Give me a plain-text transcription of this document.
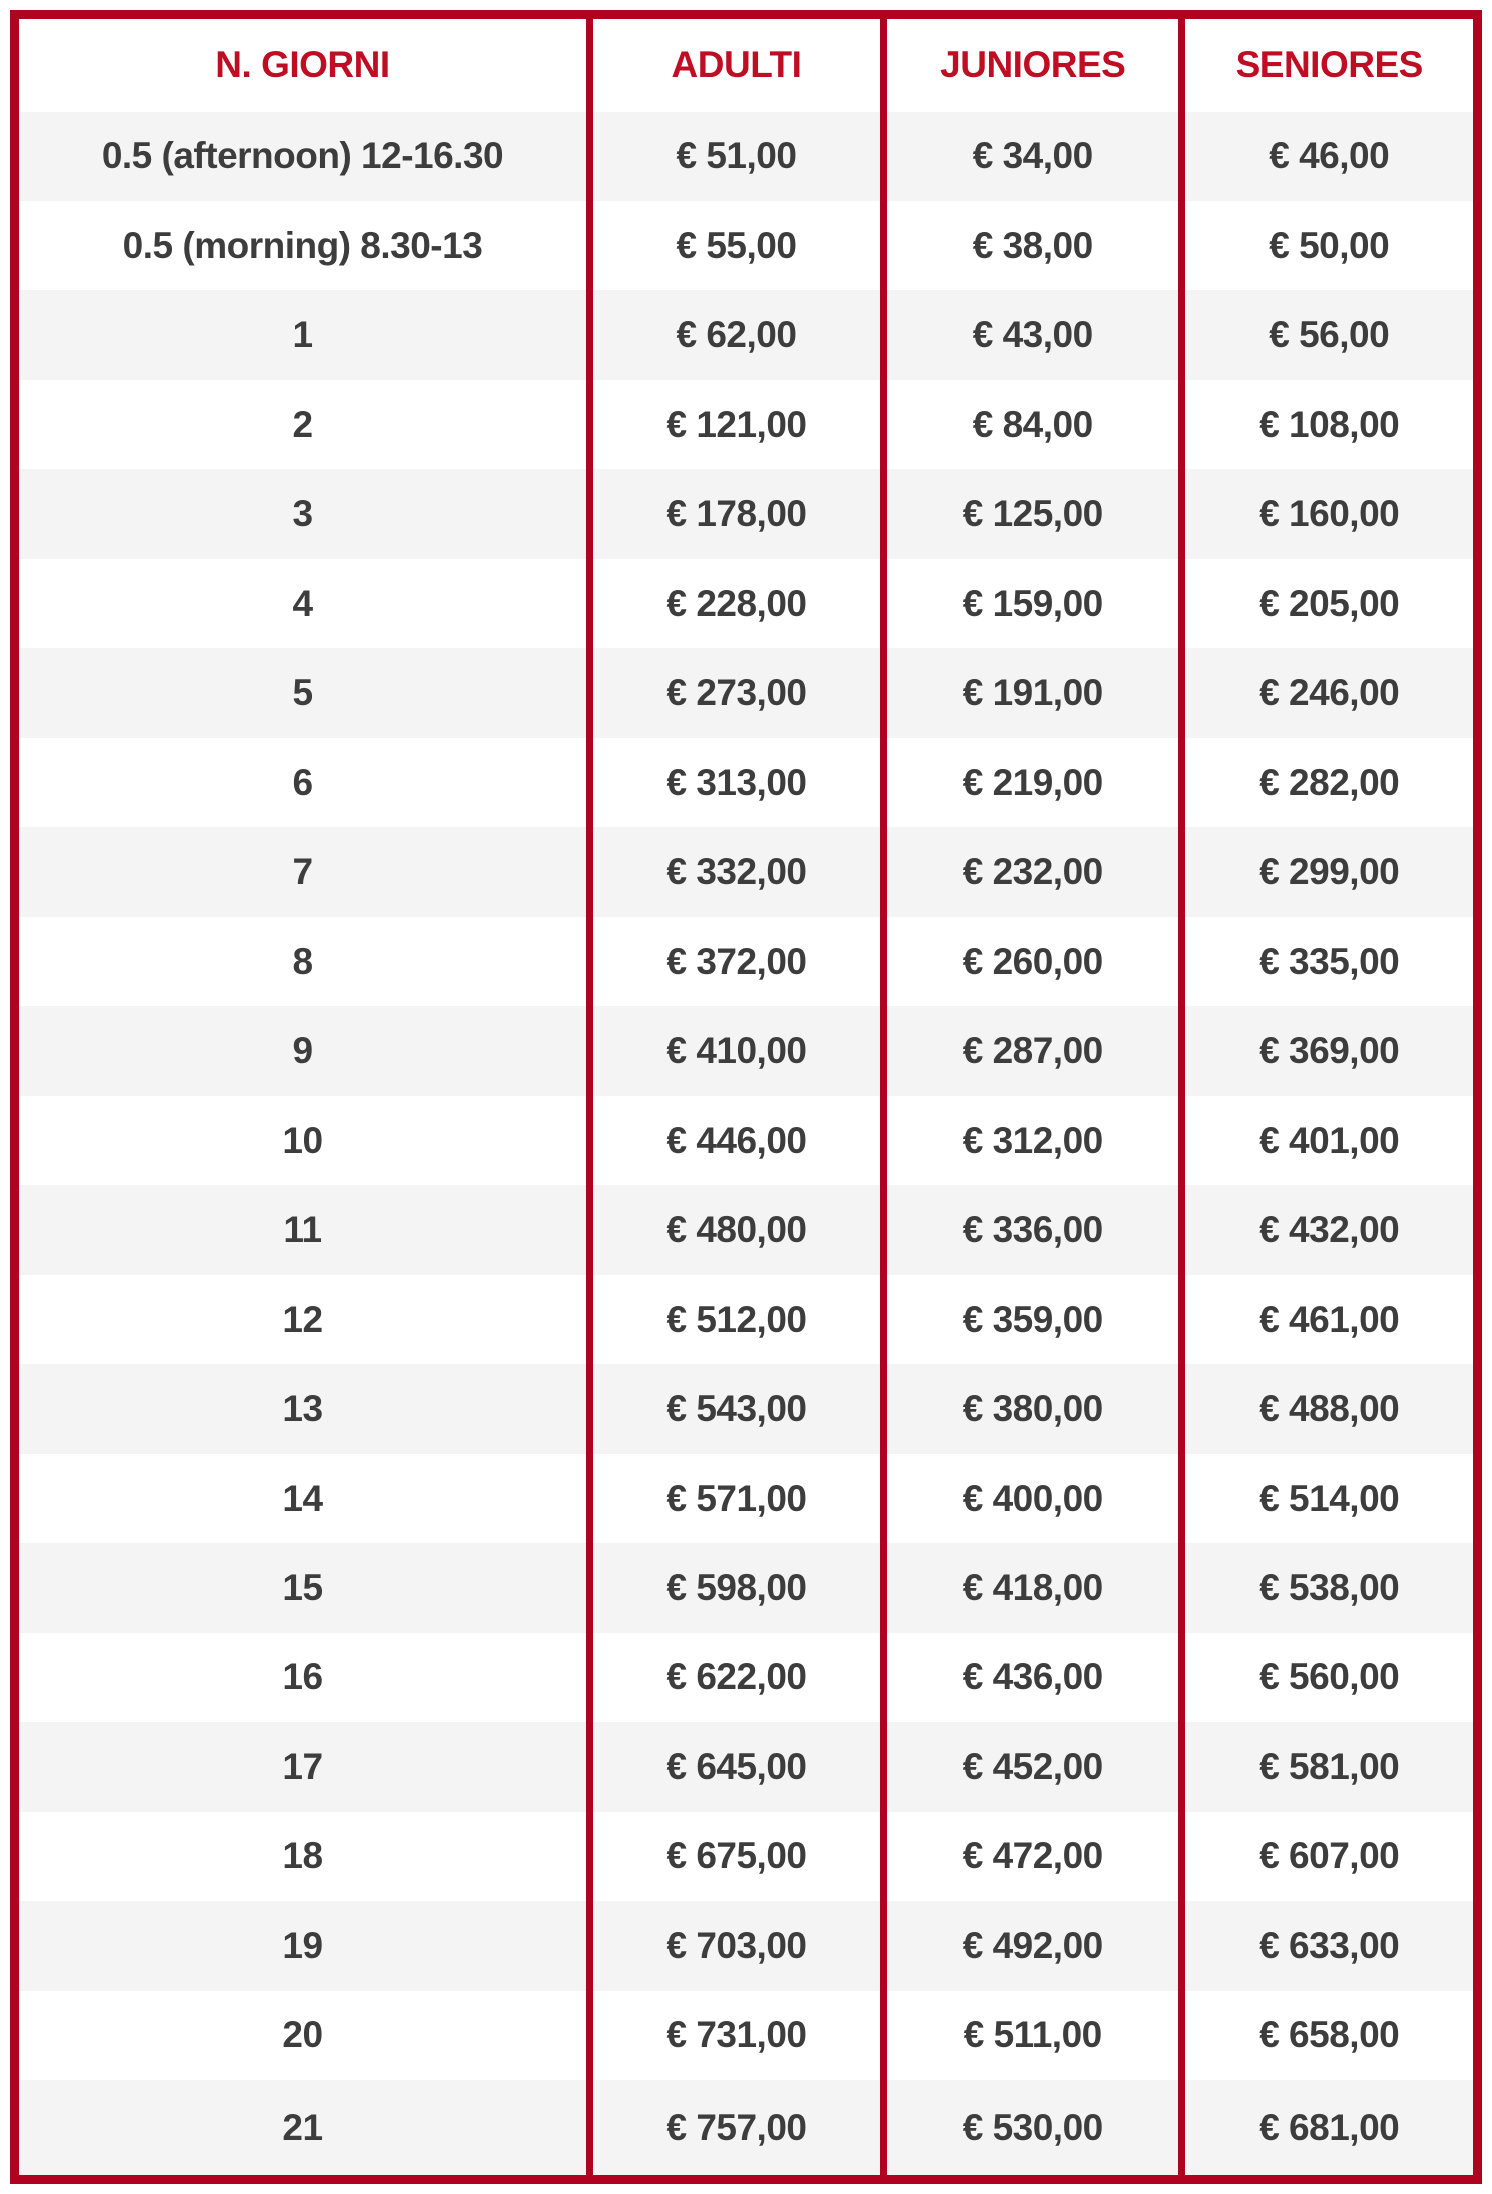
N. GIORNI	ADULTI	JUNIORES	SENIORES
0.5 (afternoon) 12-16.30	€ 51,00	€ 34,00	€ 46,00
0.5 (morning) 8.30-13	€ 55,00	€ 38,00	€ 50,00
1	€ 62,00	€ 43,00	€ 56,00
2	€ 121,00	€ 84,00	€ 108,00
3	€ 178,00	€ 125,00	€ 160,00
4	€ 228,00	€ 159,00	€ 205,00
5	€ 273,00	€ 191,00	€ 246,00
6	€ 313,00	€ 219,00	€ 282,00
7	€ 332,00	€ 232,00	€ 299,00
8	€ 372,00	€ 260,00	€ 335,00
9	€ 410,00	€ 287,00	€ 369,00
10	€ 446,00	€ 312,00	€ 401,00
11	€ 480,00	€ 336,00	€ 432,00
12	€ 512,00	€ 359,00	€ 461,00
13	€ 543,00	€ 380,00	€ 488,00
14	€ 571,00	€ 400,00	€ 514,00
15	€ 598,00	€ 418,00	€ 538,00
16	€ 622,00	€ 436,00	€ 560,00
17	€ 645,00	€ 452,00	€ 581,00
18	€ 675,00	€ 472,00	€ 607,00
19	€ 703,00	€ 492,00	€ 633,00
20	€ 731,00	€ 511,00	€ 658,00
21	€ 757,00	€ 530,00	€ 681,00
